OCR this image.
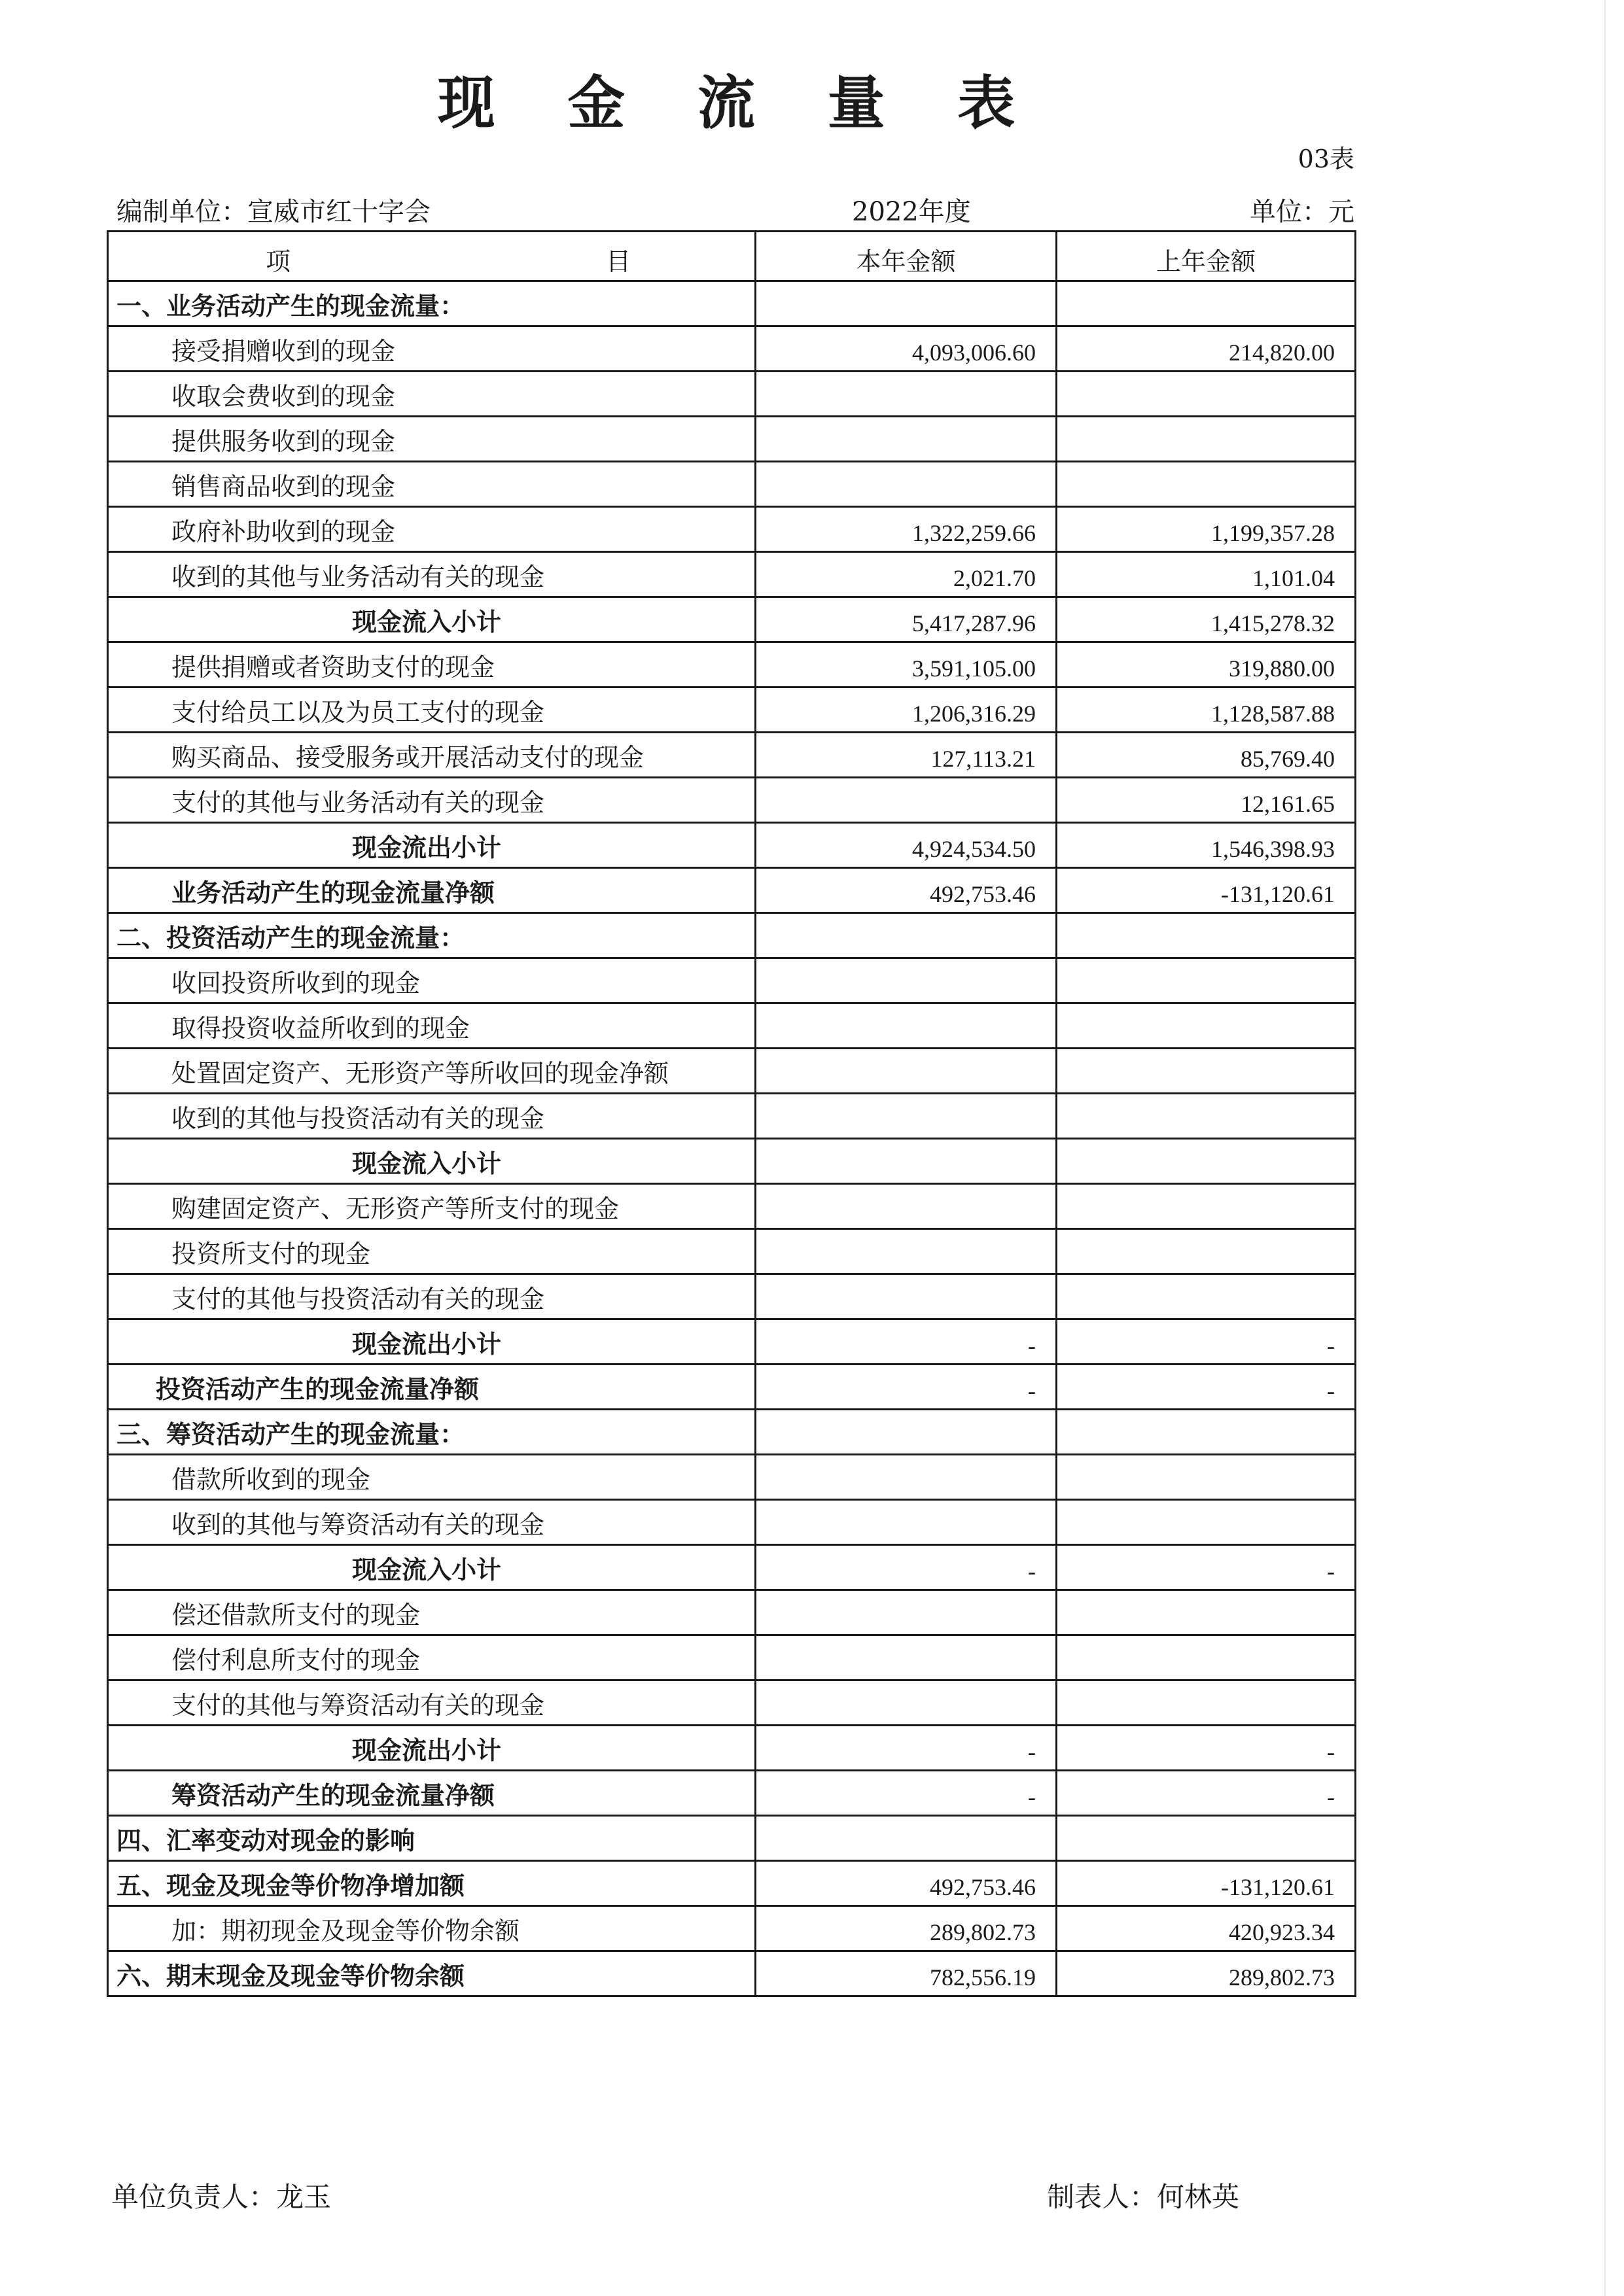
现 金 流 量 表
03表
编制单位：宣威市红十字会	2022年度	单位：元
项 目	本年金额	上年金额
一、业务活动产生的现金流量：		
接受捐赠收到的现金	4,093,006.60	214,820.00
收取会费收到的现金		
提供服务收到的现金		
销售商品收到的现金		
政府补助收到的现金	1,322,259.66	1,199,357.28
收到的其他与业务活动有关的现金	2,021.70	1,101.04
现金流入小计	5,417,287.96	1,415,278.32
提供捐赠或者资助支付的现金	3,591,105.00	319,880.00
支付给员工以及为员工支付的现金	1,206,316.29	1,128,587.88
购买商品、接受服务或开展活动支付的现金	127,113.21	85,769.40
支付的其他与业务活动有关的现金		12,161.65
现金流出小计	4,924,534.50	1,546,398.93
业务活动产生的现金流量净额	492,753.46	-131,120.61
二、投资活动产生的现金流量：		
收回投资所收到的现金		
取得投资收益所收到的现金		
处置固定资产、无形资产等所收回的现金净额		
收到的其他与投资活动有关的现金		
现金流入小计		
购建固定资产、无形资产等所支付的现金		
投资所支付的现金		
支付的其他与投资活动有关的现金		
现金流出小计	-	-
投资活动产生的现金流量净额	-	-
三、筹资活动产生的现金流量：		
借款所收到的现金		
收到的其他与筹资活动有关的现金		
现金流入小计	-	-
偿还借款所支付的现金		
偿付利息所支付的现金		
支付的其他与筹资活动有关的现金		
现金流出小计	-	-
筹资活动产生的现金流量净额	-	-
四、汇率变动对现金的影响		
五、现金及现金等价物净增加额	492,753.46	-131,120.61
加：期初现金及现金等价物余额	289,802.73	420,923.34
六、期末现金及现金等价物余额	782,556.19	289,802.73
单位负责人：龙玉	制表人：何林英
